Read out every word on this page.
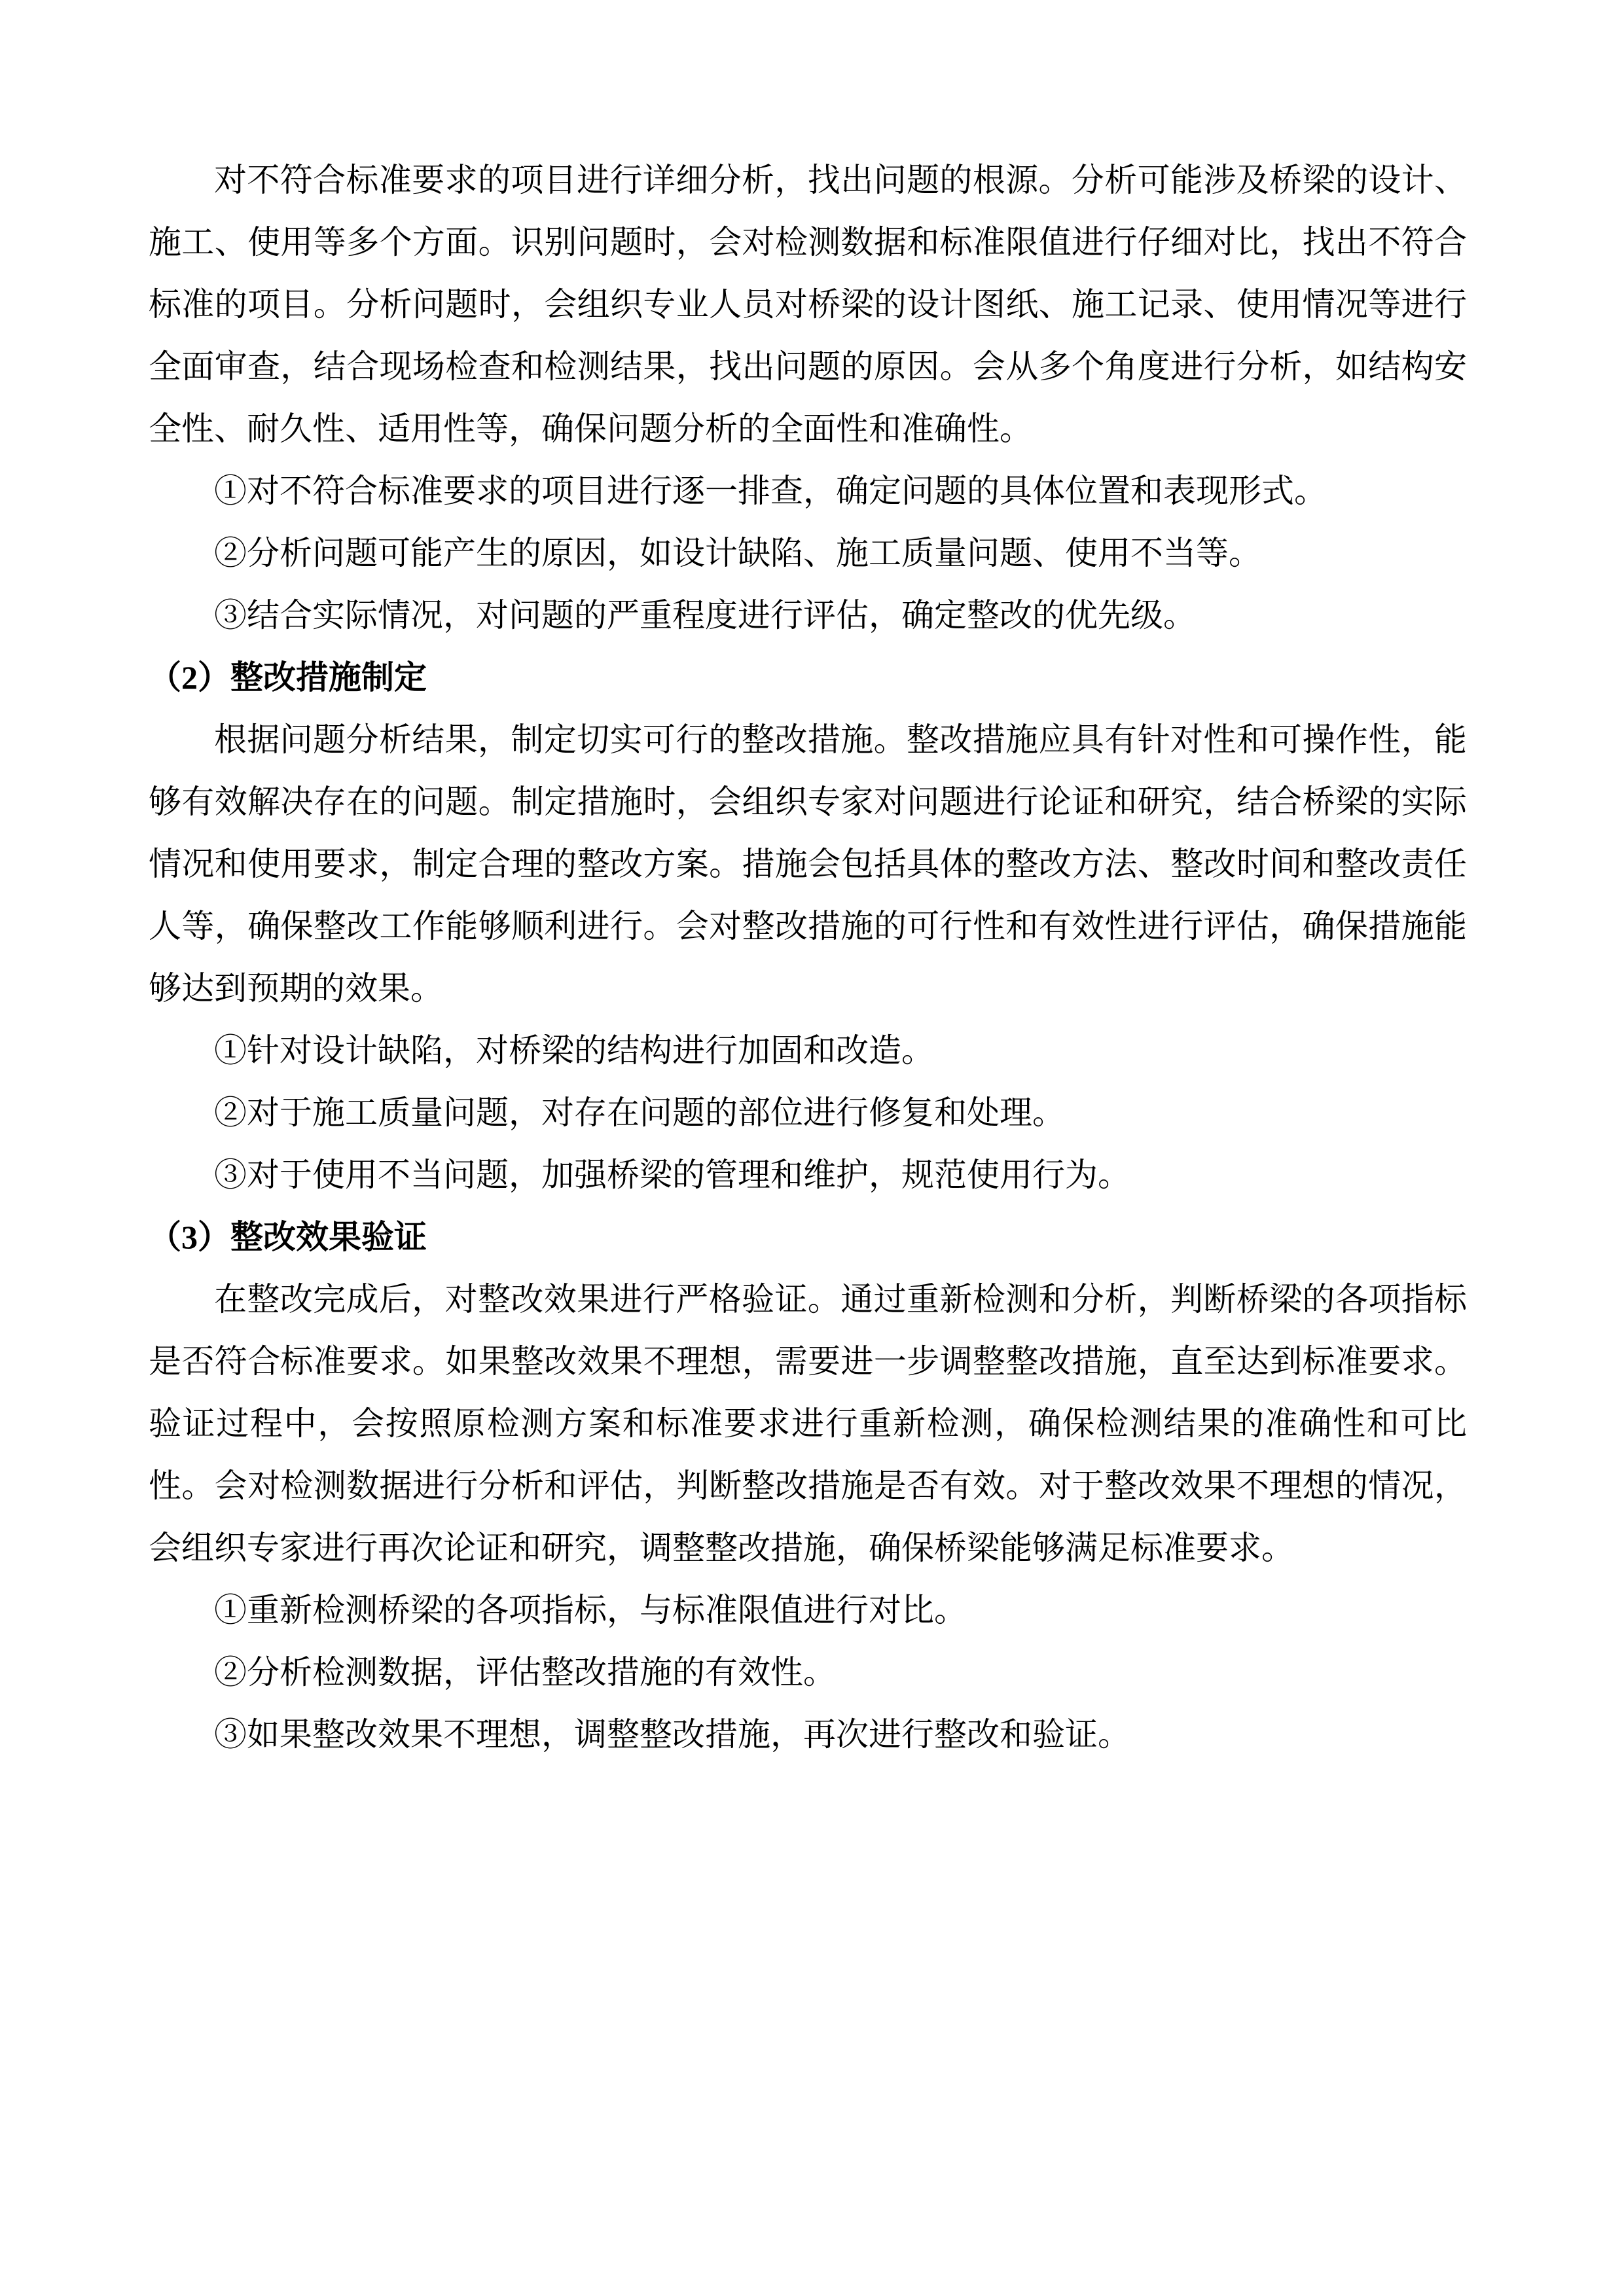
对不符合标准要求的项目进行详细分析，找出问题的根源。分析可能涉及桥梁的设计、施工、使用等多个方面。识别问题时，会对检测数据和标准限值进行仔细对比，找出不符合标准的项目。分析问题时，会组织专业人员对桥梁的设计图纸、施工记录、使用情况等进行全面审查，结合现场检查和检测结果，找出问题的原因。会从多个角度进行分析，如结构安全性、耐久性、适用性等，确保问题分析的全面性和准确性。

①对不符合标准要求的项目进行逐一排查，确定问题的具体位置和表现形式。

②分析问题可能产生的原因，如设计缺陷、施工质量问题、使用不当等。

③结合实际情况，对问题的严重程度进行评估，确定整改的优先级。

（2）整改措施制定

根据问题分析结果，制定切实可行的整改措施。整改措施应具有针对性和可操作性，能够有效解决存在的问题。制定措施时，会组织专家对问题进行论证和研究，结合桥梁的实际情况和使用要求，制定合理的整改方案。措施会包括具体的整改方法、整改时间和整改责任人等，确保整改工作能够顺利进行。会对整改措施的可行性和有效性进行评估，确保措施能够达到预期的效果。

①针对设计缺陷，对桥梁的结构进行加固和改造。

②对于施工质量问题，对存在问题的部位进行修复和处理。

③对于使用不当问题，加强桥梁的管理和维护，规范使用行为。

（3）整改效果验证

在整改完成后，对整改效果进行严格验证。通过重新检测和分析，判断桥梁的各项指标是否符合标准要求。如果整改效果不理想，需要进一步调整整改措施，直至达到标准要求。验证过程中，会按照原检测方案和标准要求进行重新检测，确保检测结果的准确性和可比性。会对检测数据进行分析和评估，判断整改措施是否有效。对于整改效果不理想的情况，会组织专家进行再次论证和研究，调整整改措施，确保桥梁能够满足标准要求。

①重新检测桥梁的各项指标，与标准限值进行对比。

②分析检测数据，评估整改措施的有效性。

③如果整改效果不理想，调整整改措施，再次进行整改和验证。
